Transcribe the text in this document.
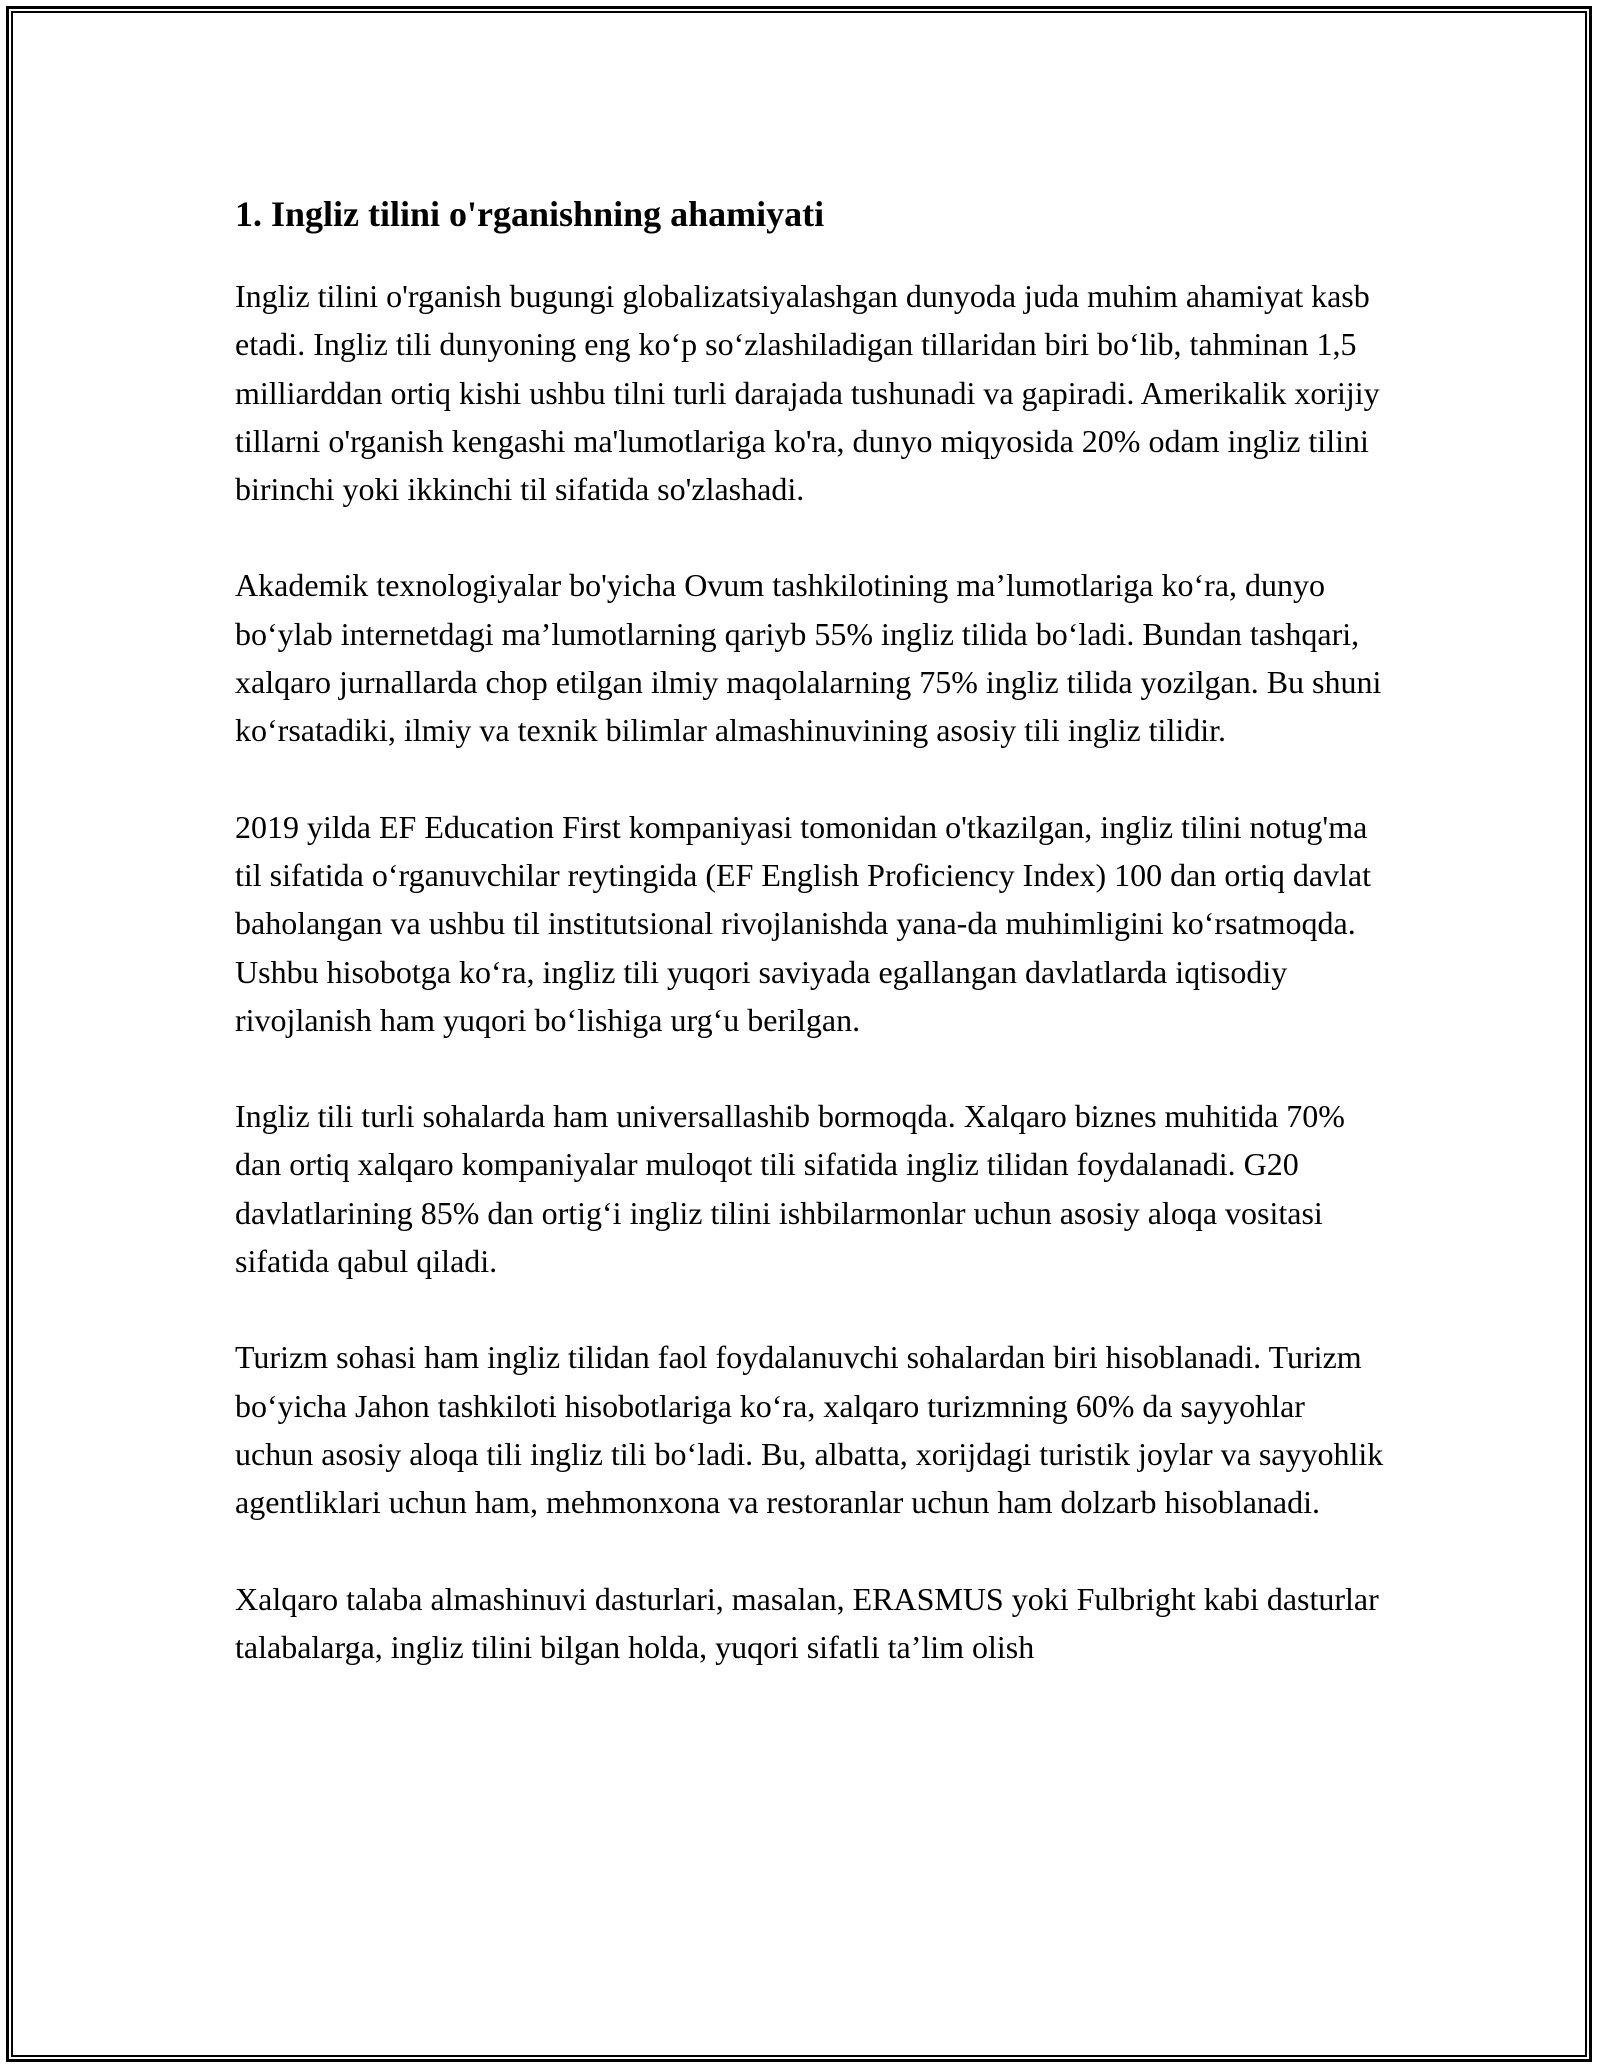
1. Ingliz tilini o'rganishning ahamiyati

Ingliz tilini o'rganish bugungi globalizatsiyalashgan dunyoda juda muhim ahamiyat kasb etadi. Ingliz tili dunyoning eng ko‘p so‘zlashiladigan tillaridan biri bo‘lib, tahminan 1,5 milliarddan ortiq kishi ushbu tilni turli darajada tushunadi va gapiradi. Amerikalik xorijiy tillarni o'rganish kengashi ma'lumotlariga ko'ra, dunyo miqyosida 20% odam ingliz tilini birinchi yoki ikkinchi til sifatida so'zlashadi.

Akademik texnologiyalar bo'yicha Ovum tashkilotining ma’lumotlariga ko‘ra, dunyo bo‘ylab internetdagi ma’lumotlarning qariyb 55% ingliz tilida bo‘ladi. Bundan tashqari, xalqaro jurnallarda chop etilgan ilmiy maqolalarning 75% ingliz tilida yozilgan. Bu shuni ko‘rsatadiki, ilmiy va texnik bilimlar almashinuvining asosiy tili ingliz tilidir.

2019 yilda EF Education First kompaniyasi tomonidan o'tkazilgan, ingliz tilini notug'ma til sifatida o‘rganuvchilar reytingida (EF English Proficiency Index) 100 dan ortiq davlat baholangan va ushbu til institutsional rivojlanishda yana-da muhimligini ko‘rsatmoqda. Ushbu hisobotga ko‘ra, ingliz tili yuqori saviyada egallangan davlatlarda iqtisodiy rivojlanish ham yuqori bo‘lishiga urg‘u berilgan.

Ingliz tili turli sohalarda ham universallashib bormoqda. Xalqaro biznes muhitida 70% dan ortiq xalqaro kompaniyalar muloqot tili sifatida ingliz tilidan foydalanadi. G20 davlatlarining 85% dan ortig‘i ingliz tilini ishbilarmonlar uchun asosiy aloqa vositasi sifatida qabul qiladi.

Turizm sohasi ham ingliz tilidan faol foydalanuvchi sohalardan biri hisoblanadi. Turizm bo‘yicha Jahon tashkiloti hisobotlariga ko‘ra, xalqaro turizmning 60% da sayyohlar uchun asosiy aloqa tili ingliz tili bo‘ladi. Bu, albatta, xorijdagi turistik joylar va sayyohlik agentliklari uchun ham, mehmonxona va restoranlar uchun ham dolzarb hisoblanadi.

Xalqaro talaba almashinuvi dasturlari, masalan, ERASMUS yoki Fulbright kabi dasturlar talabalarga, ingliz tilini bilgan holda, yuqori sifatli ta’lim olish
